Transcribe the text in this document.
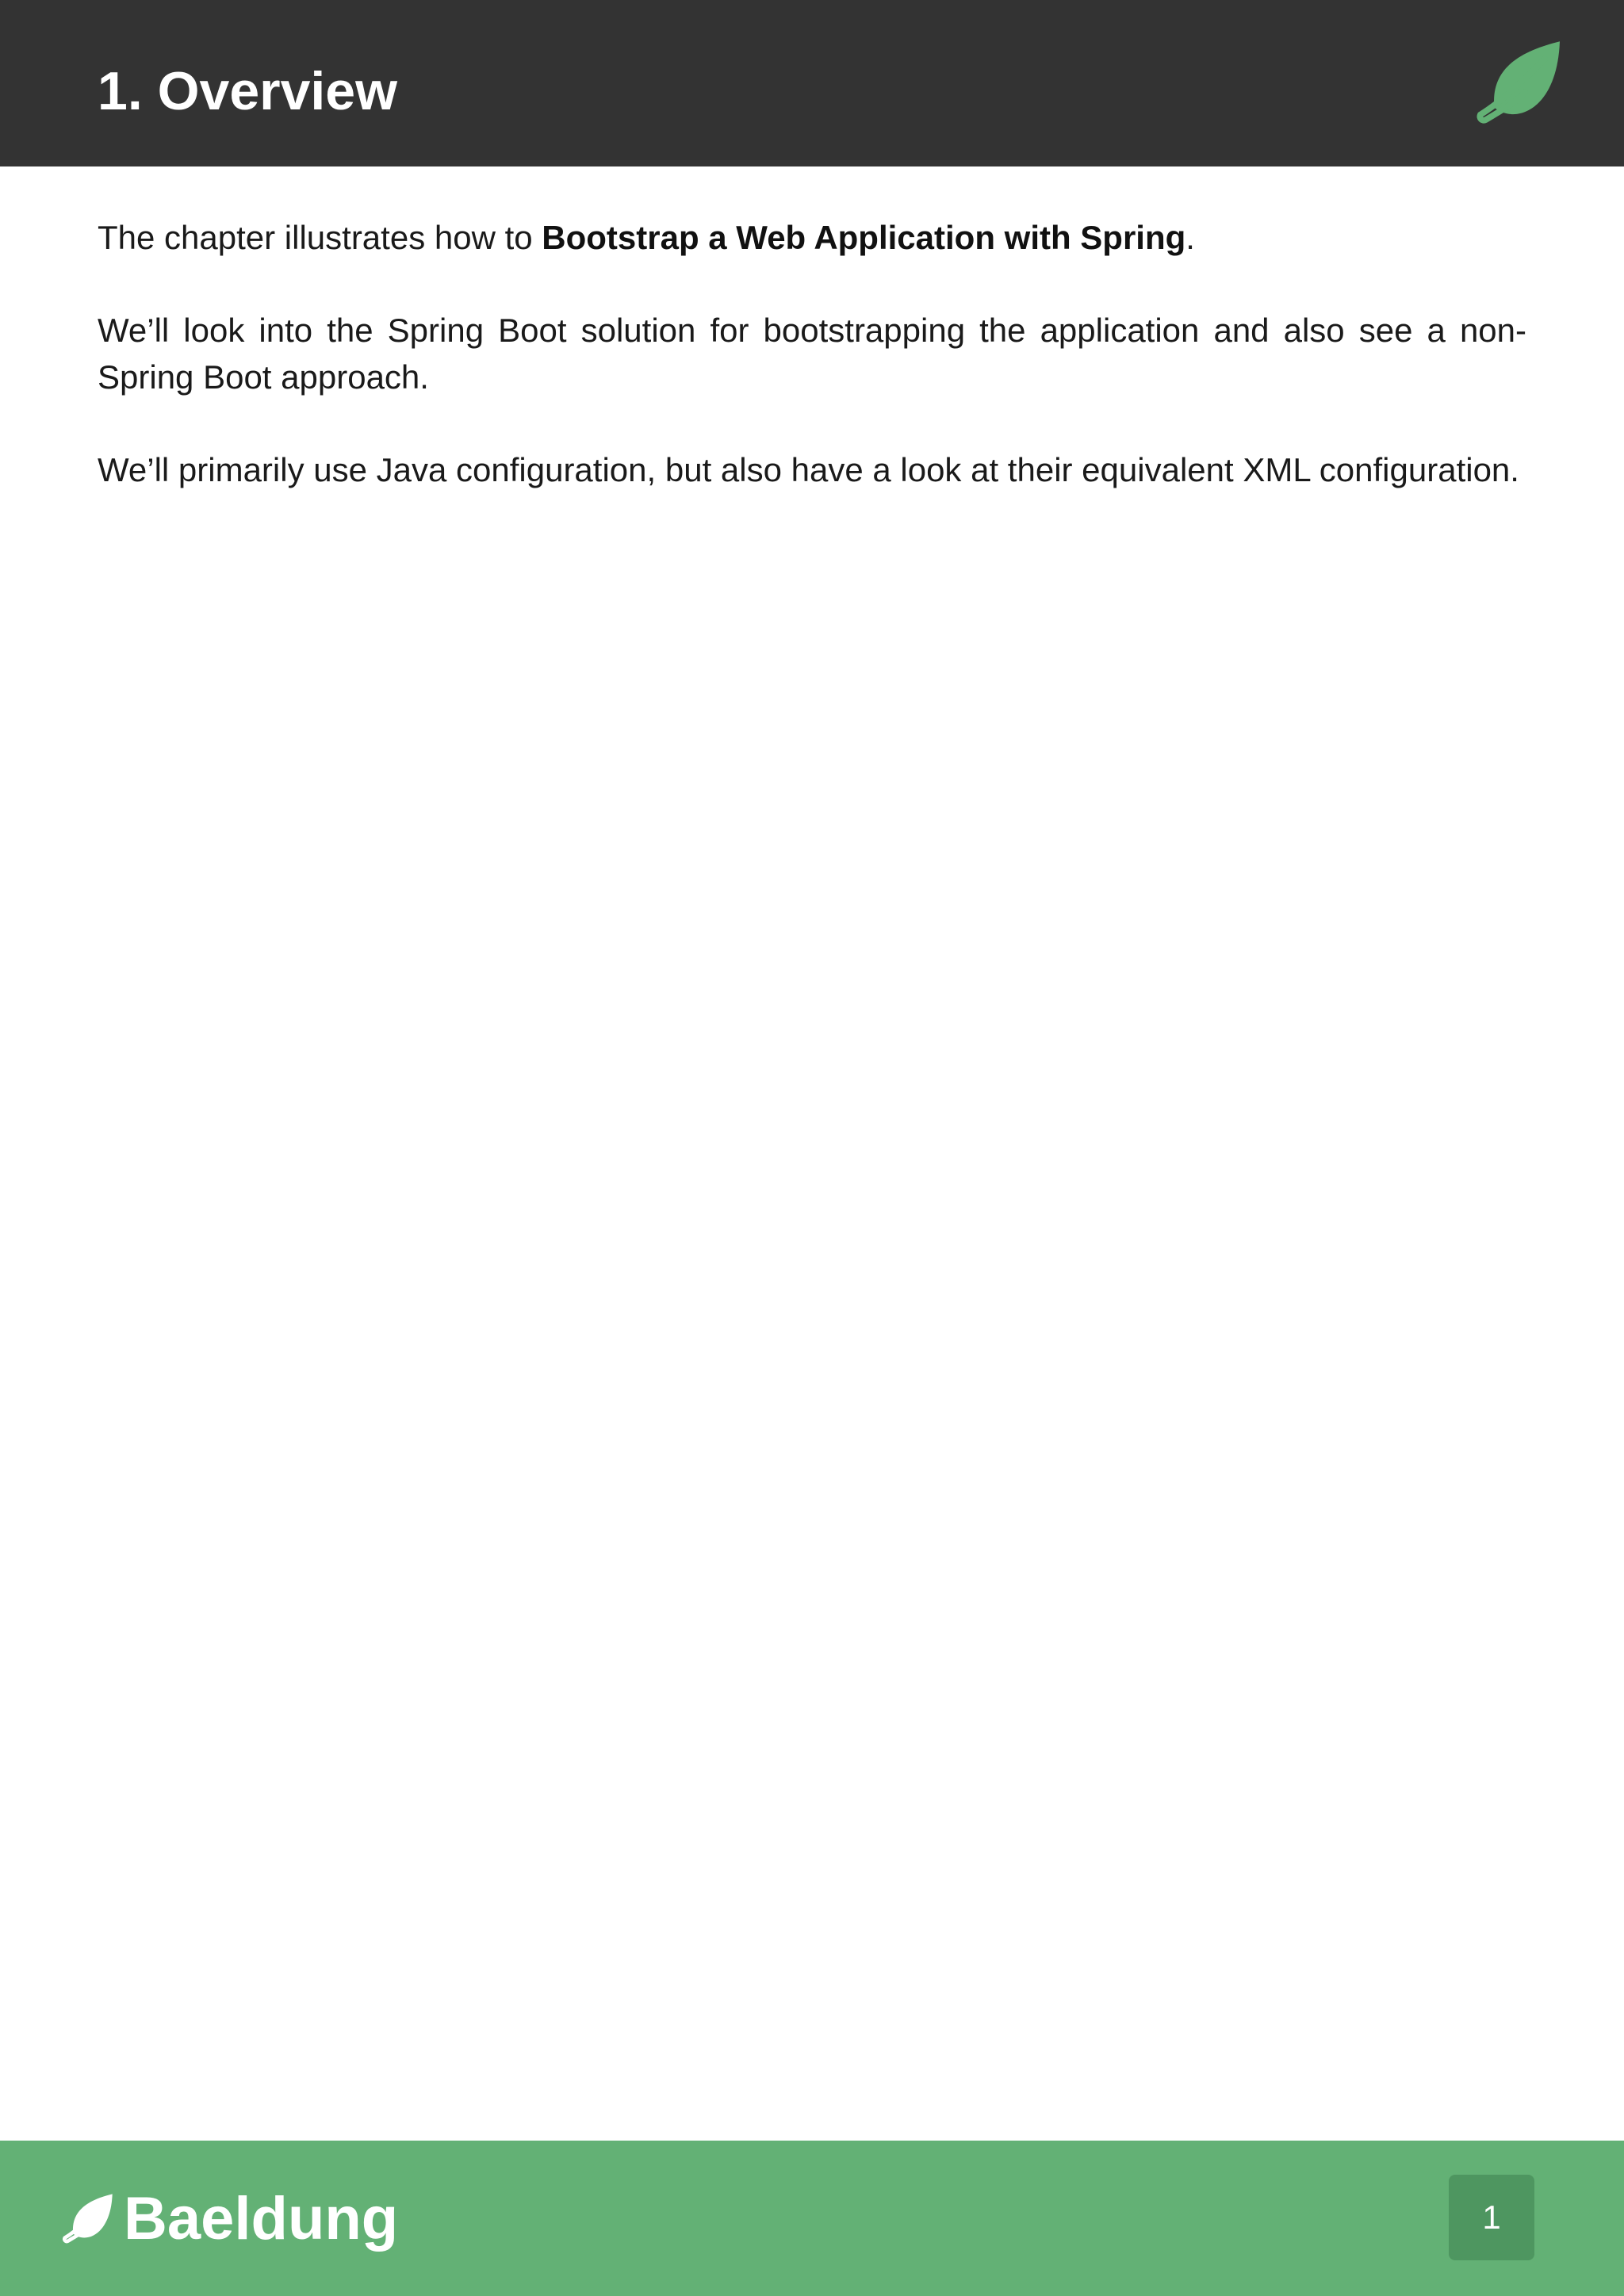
1. Overview

The chapter illustrates how to Bootstrap a Web Application with Spring.

We’ll look into the Spring Boot solution for bootstrapping the application and also see a non-Spring Boot approach.

We’ll primarily use Java configuration, but also have a look at their equivalent XML configuration.

Baeldung	1
